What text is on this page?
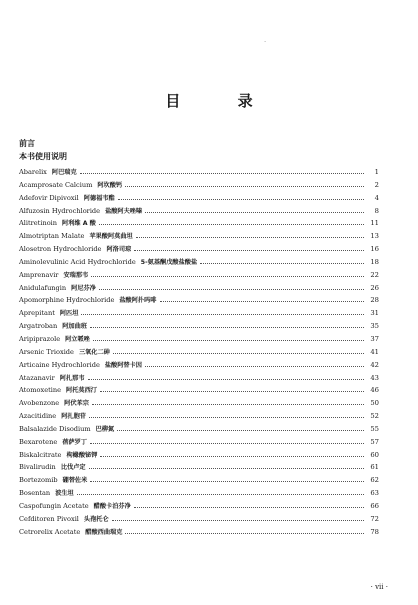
·
目 录
前言
本书使用说明
Abarelix 阿巴瑞克	1
Acamprosate Calcium 阿坎酸钙	2
Adefovir Dipivoxil 阿德福韦酯	4
Alfuzosin Hydrochloride 盐酸阿夫唑嗪	8
Alitretinoin 阿利维 A 酸	11
Almotriptan Malate 苹果酸阿莫曲坦	13
Alosetron Hydrochloride 阿洛司琼	16
Aminolevulinic Acid Hydrochloride 5-氨基酮戊酸盐酸盐	18
Amprenavir 安瑞那韦	22
Anidulafungin 阿尼芬净	26
Apomorphine Hydrochloride 盐酸阿扑吗啡	28
Aprepitant 阿匹坦	31
Argatroban 阿加曲班	35
Aripiprazole 阿立哌唑	37
Arsenic Trioxide 三氧化二砷	41
Articaine Hydrochloride 盐酸阿替卡因	42
Atazanavir 阿扎那韦	43
Atomoxetine 阿托莫西汀	46
Avobenzone 阿伏苯宗	50
Azacitidine 阿扎胞苷	52
Balsalazide Disodium 巴柳氮	55
Bexarotene 蓓萨罗丁	57
Biskalcitrate 枸橼酸铋钾	60
Bivalirudin 比伐卢定	61
Bortezomib 硼替佐米	62
Bosentan 波生坦	63
Caspofungin Acetate 醋酸卡泊芬净	66
Cefditoren Pivoxil 头孢托仑	72
Cetrorelix Acetate 醋酸西曲瑞克	78
· vii ·
